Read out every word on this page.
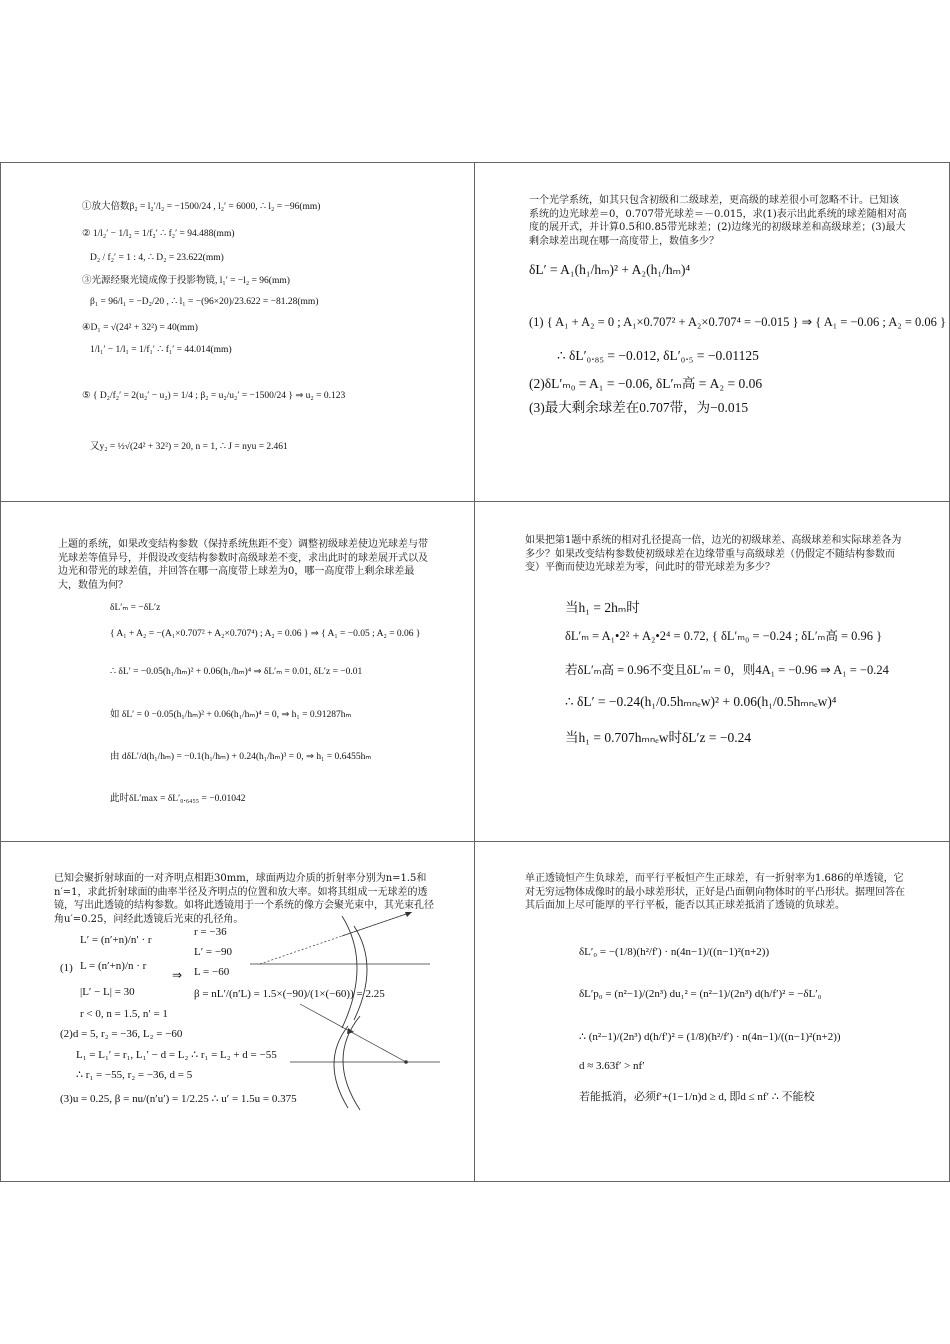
①放大倍数β₂ = l₂′/l₂ = −1500/24 , l₂′ = 6000, ∴ l₂ = −96(mm)
② 1/l₂′ − 1/l₂ = 1/f₂′ ∴ f₂′ = 94.488(mm)
D₂ / f₂′ = 1 : 4, ∴ D₂ = 23.622(mm)
③光源经聚光镜成像于投影物镜, l₁′ = −l₂ = 96(mm)
β₁ = 96/l₁ = −D₂/20 , ∴ l₁ = −(96×20)/23.622 = −81.28(mm)
④D₁ = √(24² + 32²) = 40(mm)
1/l₁′ − 1/l₁ = 1/f₁′ ∴ f₁′ = 44.014(mm)
⑤ { D₂/f₂′ = 2(u₂′ − u₂) = 1/4 ; β₂ = u₂/u₂′ = −1500/24 } ⇒ u₂ = 0.123
又y₂ = ½√(24² + 32²) = 20, n = 1, ∴ J = nyu = 2.461
一个光学系统，如其只包含初级和二级球差，更高级的球差很小可忽略不计。已知该系统的边光球差＝0，0.707带光球差＝－0.015，求(1)表示出此系统的球差随相对高度的展开式，并计算0.5和0.85带光球差；(2)边缘光的初级球差和高级球差；(3)最大剩余球差出现在哪一高度带上，数值多少？
δL′ = A₁(h₁/hₘ)² + A₂(h₁/hₘ)⁴
(1) { A₁ + A₂ = 0 ; A₁×0.707² + A₂×0.707⁴ = −0.015 } ⇒ { A₁ = −0.06 ; A₂ = 0.06 }
∴ δL′₀.₈₅ = −0.012, δL′₀.₅ = −0.01125
(2)δL′ₘ₀ = A₁ = −0.06, δL′ₘ高 = A₂ = 0.06
(3)最大剩余球差在0.707带，为−0.015
上题的系统，如果改变结构参数（保持系统焦距不变）调整初级球差使边光球差与带光球差等值异号，并假设改变结构参数时高级球差不变，求出此时的球差展开式以及边光和带光的球差值，并回答在哪一高度带上球差为0，哪一高度带上剩余球差最大，数值为何？
δL′ₘ = −δL′z
{ A₁ + A₂ = −(A₁×0.707² + A₂×0.707⁴) ; A₂ = 0.06 } ⇒ { A₁ = −0.05 ; A₂ = 0.06 }
∴ δL′ = −0.05(h₁/hₘ)² + 0.06(h₁/hₘ)⁴ ⇒ δL′ₘ = 0.01, δL′z = −0.01
如 δL′ = 0 −0.05(h₁/hₘ)² + 0.06(h₁/hₘ)⁴ = 0, ⇒ h₁ = 0.91287hₘ
由 dδL′/d(h₁/hₘ) = −0.1(h₁/hₘ) + 0.24(h₁/hₘ)³ = 0, ⇒ h₁ = 0.6455hₘ
此时δL′max = δL′₀.₆₄₅₅ = −0.01042
如果把第1题中系统的相对孔径提高一倍，边光的初级球差、高级球差和实际球差各为多少？如果改变结构参数使初级球差在边缘带重与高级球差（仍假定不随结构参数而变）平衡而使边光球差为零，问此时的带光球差为多少？
当h₁ = 2hₘ时
δL′ₘ = A₁•2² + A₂•2⁴ = 0.72, { δL′ₘ₀ = −0.24 ; δL′ₘ高 = 0.96 }
若δL′ₘ高 = 0.96不变且δL′ₘ = 0，则4A₁ = −0.96 ⇒ A₁ = −0.24
∴ δL′ = −0.24(h₁/0.5hₘₙₑw)² + 0.06(h₁/0.5hₘₙₑw)⁴
当h₁ = 0.707hₘₙₑw时δL′z = −0.24
已知会聚折射球面的一对齐明点相距30mm，球面两边介质的折射率分别为n=1.5和n′=1，求此折射球面的曲率半径及齐明点的位置和放大率。如将其组成一无球差的透镜，写出此透镜的结构参数。如将此透镜用于一个系统的像方会聚光束中，其光束孔径角u′=0.25，问经此透镜后光束的孔径角。
(1)
L′ = (n′+n)/n′ · r
L = (n′+n)/n · r
|L′ − L| = 30
r < 0, n = 1.5, n′ = 1
⇒
r = −36
L′ = −90
L = −60
β = nL′/(n′L) = 1.5×(−90)/(1×(−60)) = 2.25
(2)d = 5, r₂ = −36, L₂ = −60
L₁ = L₁′ = r₁, L₁′ − d = L₂ ∴ r₁ = L₂ + d = −55
∴ r₁ = −55, r₂ = −36, d = 5
(3)u = 0.25, β = nu/(n′u′) = 1/2.25 ∴ u′ = 1.5u = 0.375
单正透镜恒产生负球差，而平行平板恒产生正球差，有一折射率为1.686的单透镜，它对无穷远物体成像时的最小球差形状，正好是凸面朝向物体时的平凸形状。据理回答在其后面加上尽可能厚的平行平板，能否以其正球差抵消了透镜的负球差。
δL′₀ = −(1/8)(h²/f′) · n(4n−1)/((n−1)²(n+2))
δL′p₀ = (n²−1)/(2n³) du₁² = (n²−1)/(2n³) d(h/f′)² = −δL′₀
∴ (n²−1)/(2n³) d(h/f′)² = (1/8)(h²/f′) · n(4n−1)/((n−1)²(n+2))
d ≈ 3.63f′ > nf′
若能抵消，必须f′+(1−1/n)d ≥ d, 即d ≤ nf′ ∴ 不能校
